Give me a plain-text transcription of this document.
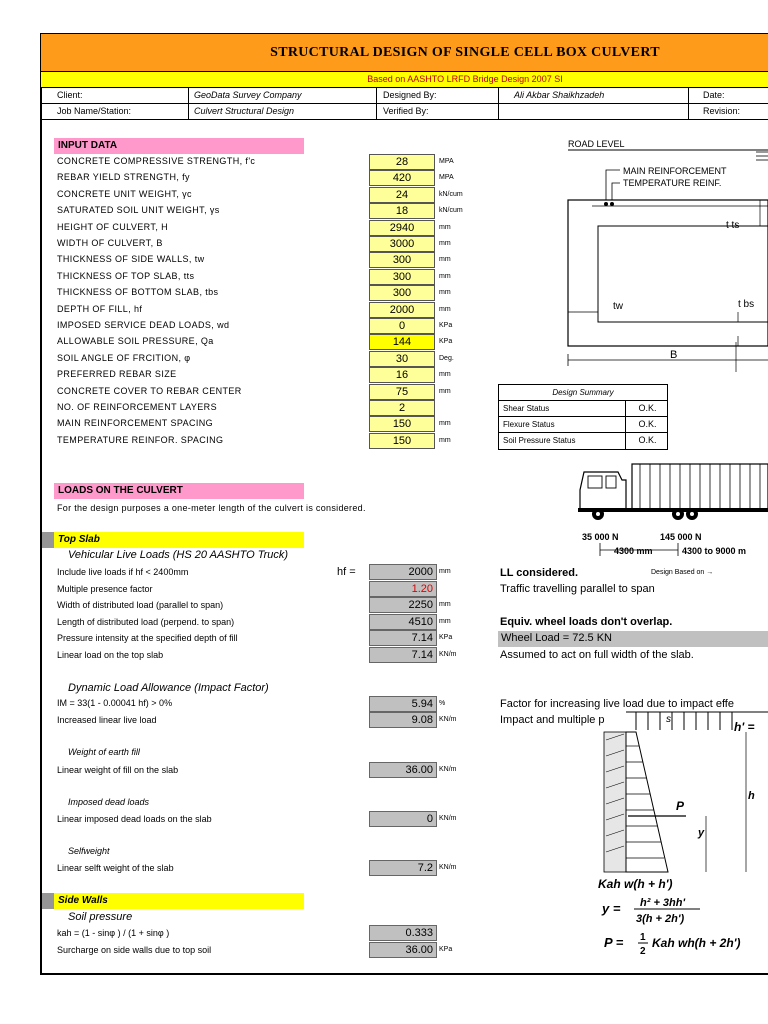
STRUCTURAL DESIGN OF SINGLE CELL BOX CULVERT
Based on AASHTO LRFD Bridge Design 2007 SI
Client:	GeoData Survey Company	Designed By:	Ali Akbar Shaikhzadeh	Date:
Job Name/Station:	Culvert Structural Design	Verified By:	Revision:
INPUT DATA
CONCRETE COMPRESSIVE STRENGTH, f'c	28	MPA
REBAR YIELD STRENGTH, fy	420	MPA
CONCRETE UNIT WEIGHT, γc	24	kN/cum
SATURATED SOIL UNIT WEIGHT, γs	18	kN/cum
HEIGHT OF CULVERT, H	2940	mm
WIDTH OF CULVERT, B	3000	mm
THICKNESS OF SIDE WALLS, tw	300	mm
THICKNESS OF TOP SLAB, tts	300	mm
THICKNESS OF BOTTOM SLAB, tbs	300	mm
DEPTH OF FILL, hf	2000	mm
IMPOSED SERVICE DEAD LOADS, wd	0	KPa
ALLOWABLE SOIL PRESSURE, Qa	144	KPa
SOIL ANGLE OF FRCITION, φ	30	Deg.
PREFERRED REBAR SIZE	16	mm
CONCRETE COVER TO REBAR CENTER	75	mm
NO. OF REINFORCEMENT LAYERS	2
MAIN REINFORCEMENT SPACING	150	mm
TEMPERATURE REINFOR. SPACING	150	mm
Design Summary
Shear Status	O.K.
Flexure Status	O.K.
Soil Pressure Status	O.K.
ROAD LEVEL
MAIN REINFORCEMENT
TEMPERATURE REINF.
t ts
tw	t bs
B
35 000 N	145 000 N
4300 mm	4300 to 9000 m
LOADS ON THE CULVERT
For the design purposes a one-meter length of the culvert is considered.
Top Slab
Vehicular Live Loads (HS 20 AASHTO Truck)
Include live loads if hf < 2400mm	2000 mm
Multiple presence factor	1.20
Width of distributed load (parallel to span)	2250 mm
Length of distributed load (perpend. to span)	4510 mm
Pressure intensity at the specified depth of fill	7.14 KPa
Linear load on the top slab	7.14 KN/m
hf =	LL considered.	Design Based on →
Traffic travelling parallel to span
Equiv. wheel loads don't overlap.
Wheel Load = 72.5 KN
Assumed to act on full width of the slab.
Dynamic Load Allowance (Impact Factor)
IM = 33(1 - 0.00041 hf) > 0%	5.94 %
Increased linear live load	9.08 KN/m
Factor for increasing live load due to impact effe
Impact and multiple p
Weight of earth fill
Linear weight of fill on the slab	36.00 KN/m
Imposed dead loads
Linear imposed dead loads on the slab	0 KN/m
Selfweight
Linear selft weight of the slab	7.2 KN/m
Side Walls
Soil pressure
kah = (1 - sinφ ) / (1 + sinφ )	0.333
Surcharge on side walls due to top soil	36.00 KPa
s
h' =
P
y
h
Kah w(h + h')
y = h² + 3hh'
3(h + 2h')
P = 1
2
Kah wh(h + 2h')
